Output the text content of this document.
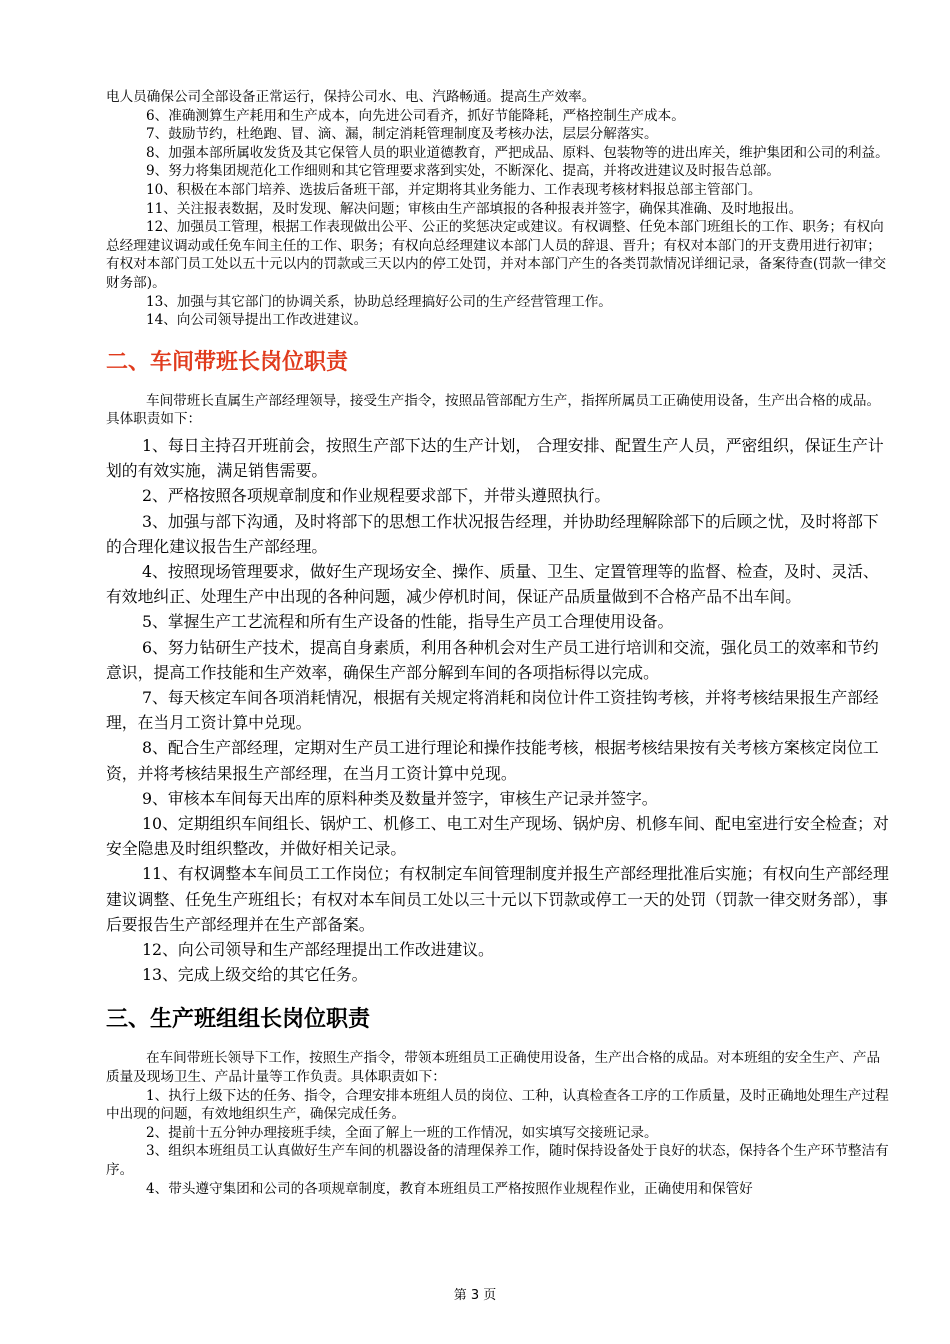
电人员确保公司全部设备正常运行，保持公司水、电、汽路畅通。提高生产效率。

6、准确测算生产耗用和生产成本，向先进公司看齐，抓好节能降耗，严格控制生产成本。

7、鼓励节约，杜绝跑、冒、滴、漏，制定消耗管理制度及考核办法，层层分解落实。

8、加强本部所属收发货及其它保管人员的职业道德教育，严把成品、原料、包装物等的进出库关，维护集团和公司的利益。

9、努力将集团规范化工作细则和其它管理要求落到实处，不断深化、提高，并将改进建议及时报告总部。

10、积极在本部门培养、选拔后备班干部，并定期将其业务能力、工作表现考核材料报总部主管部门。

11、关注报表数据，及时发现、解决问题；审核由生产部填报的各种报表并签字，确保其准确、及时地报出。

12、加强员工管理，根据工作表现做出公平、公正的奖惩决定或建议。有权调整、任免本部门班组长的工作、职务；有权向总经理建议调动或任免车间主任的工作、职务；有权向总经理建议本部门人员的辞退、晋升；有权对本部门的开支费用进行初审；有权对本部门员工处以五十元以内的罚款或三天以内的停工处罚，并对本部门产生的各类罚款情况详细记录，备案待查(罚款一律交财务部)。

13、加强与其它部门的协调关系，协助总经理搞好公司的生产经营管理工作。

14、向公司领导提出工作改进建议。

二、车间带班长岗位职责

车间带班长直属生产部经理领导，接受生产指令，按照品管部配方生产，指挥所属员工正确使用设备，生产出合格的成品。具体职责如下：

1、每日主持召开班前会，按照生产部下达的生产计划， 合理安排、配置生产人员，严密组织，保证生产计划的有效实施，满足销售需要。

2、严格按照各项规章制度和作业规程要求部下，并带头遵照执行。

3、加强与部下沟通，及时将部下的思想工作状况报告经理，并协助经理解除部下的后顾之忧，及时将部下的合理化建议报告生产部经理。

4、按照现场管理要求，做好生产现场安全、操作、质量、卫生、定置管理等的监督、检查，及时、灵活、有效地纠正、处理生产中出现的各种问题，减少停机时间，保证产品质量做到不合格产品不出车间。

5、掌握生产工艺流程和所有生产设备的性能，指导生产员工合理使用设备。

6、努力钻研生产技术，提高自身素质，利用各种机会对生产员工进行培训和交流，强化员工的效率和节约意识，提高工作技能和生产效率，确保生产部分解到车间的各项指标得以完成。

7、每天核定车间各项消耗情况，根据有关规定将消耗和岗位计件工资挂钩考核，并将考核结果报生产部经理，在当月工资计算中兑现。

8、配合生产部经理，定期对生产员工进行理论和操作技能考核，根据考核结果按有关考核方案核定岗位工资，并将考核结果报生产部经理，在当月工资计算中兑现。

9、审核本车间每天出库的原料种类及数量并签字，审核生产记录并签字。

10、定期组织车间组长、锅炉工、机修工、电工对生产现场、锅炉房、机修车间、配电室进行安全检查；对安全隐患及时组织整改，并做好相关记录。

11、有权调整本车间员工工作岗位；有权制定车间管理制度并报生产部经理批准后实施；有权向生产部经理建议调整、任免生产班组长；有权对本车间员工处以三十元以下罚款或停工一天的处罚（罚款一律交财务部），事后要报告生产部经理并在生产部备案。

12、向公司领导和生产部经理提出工作改进建议。

13、完成上级交给的其它任务。

三、生产班组组长岗位职责

在车间带班长领导下工作，按照生产指令，带领本班组员工正确使用设备，生产出合格的成品。对本班组的安全生产、产品质量及现场卫生、产品计量等工作负责。具体职责如下：

1、执行上级下达的任务、指令，合理安排本班组人员的岗位、工种，认真检查各工序的工作质量，及时正确地处理生产过程中出现的问题，有效地组织生产，确保完成任务。

2、提前十五分钟办理接班手续，全面了解上一班的工作情况，如实填写交接班记录。

3、组织本班组员工认真做好生产车间的机器设备的清理保养工作，随时保持设备处于良好的状态，保持各个生产环节整洁有序。

4、带头遵守集团和公司的各项规章制度，教育本班组员工严格按照作业规程作业，正确使用和保管好

第 3 页
